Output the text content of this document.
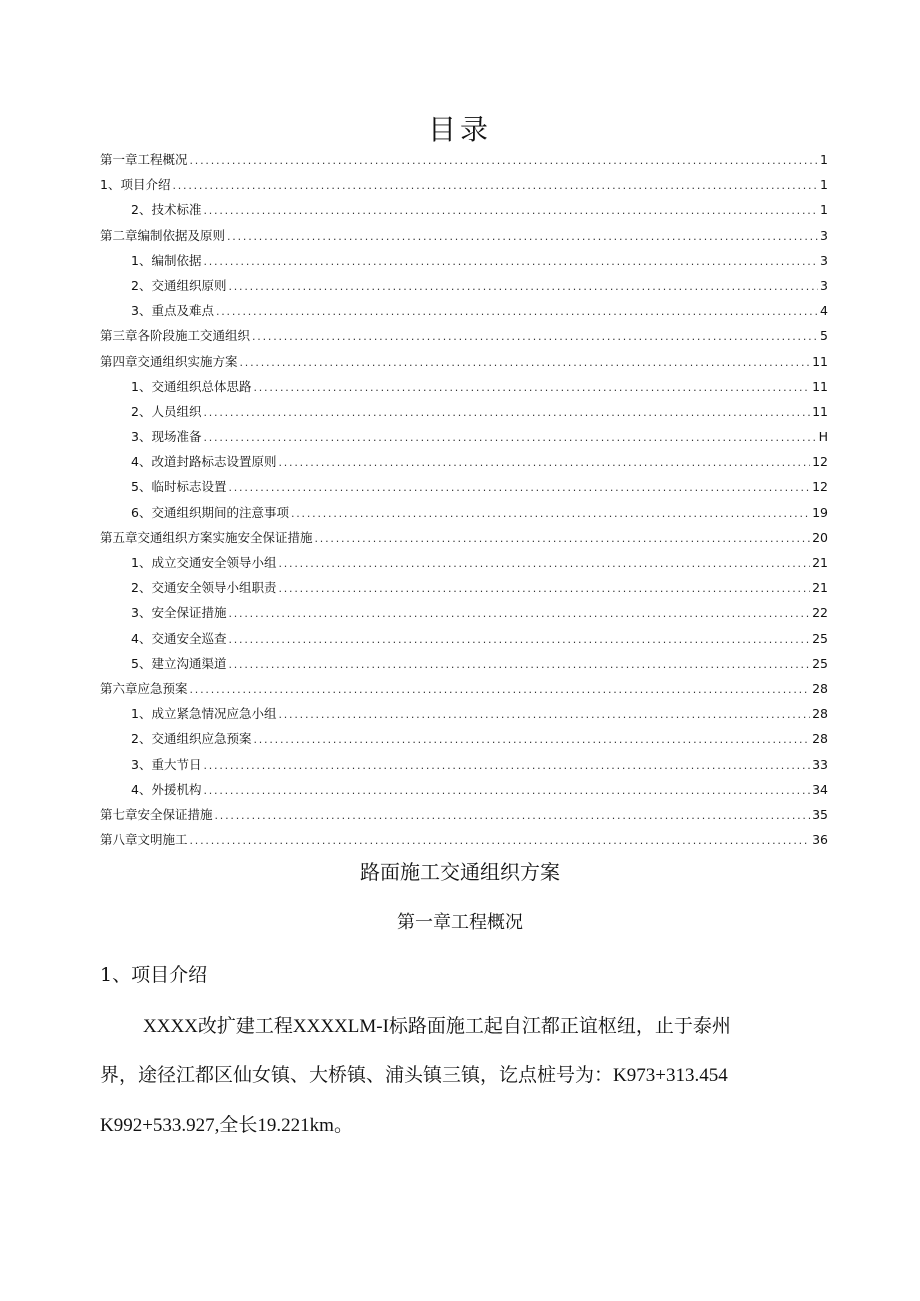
目录
第一章工程概况 .....	1
1、项目介绍 .....	1
2、技术标准 .....	1
第二章编制依据及原则 .....	3
1、编制依据 .....	3
2、交通组织原则 .....	3
3、重点及难点 .....	4
第三章各阶段施工交通组织 .....	5
第四章交通组织实施方案 .....	11
1、交通组织总体思路 .....	11
2、人员组织 .....	11
3、现场准备 .....	H
4、改道封路标志设置原则 .....	12
5、临时标志设置 .....	12
6、交通组织期间的注意事项 .....	19
第五章交通组织方案实施安全保证措施 .....	20
1、成立交通安全领导小组 .....	21
2、交通安全领导小组职责 .....	21
3、安全保证措施 .....	22
4、交通安全巡查 .....	25
5、建立沟通渠道 .....	25
第六章应急预案 .....	28
1、成立紧急情况应急小组 .....	28
2、交通组织应急预案 .....	28
3、重大节日 .....	33
4、外援机构 .....	34
第七章安全保证措施 .....	35
第八章文明施工 .....	36
路面施工交通组织方案
第一章工程概况
1、项目介绍

XXXX改扩建工程XXXXLM-I标路面施工起自江都正谊枢纽，止于泰州

界，途径江都区仙女镇、大桥镇、浦头镇三镇，讫点桩号为：K973+313.454

K992+533.927,全长19.221km。
